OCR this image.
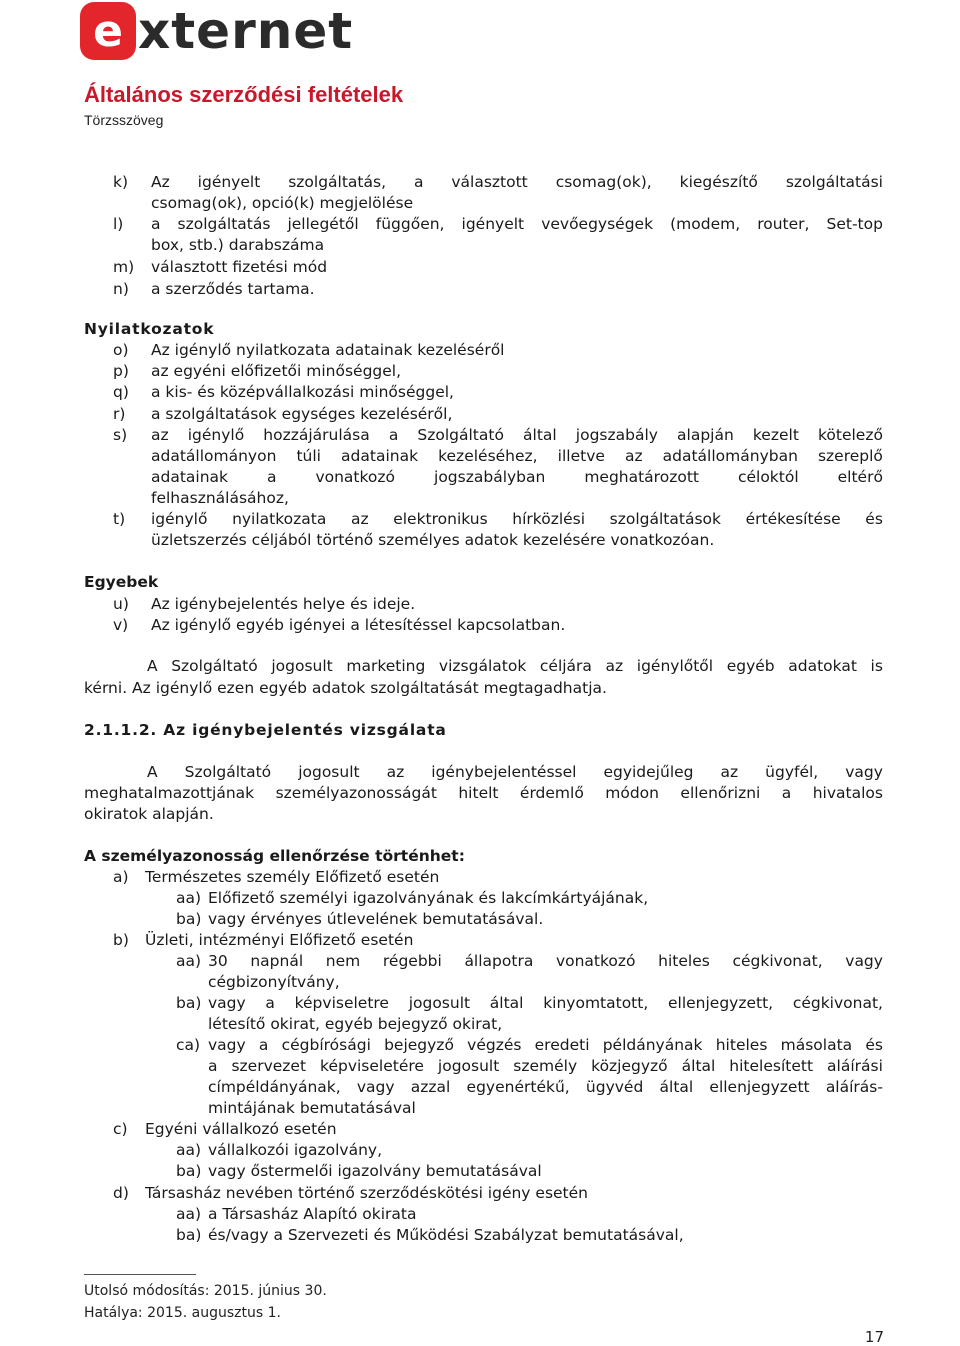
e xternet
Általános szerződési feltételek
Törzsszöveg
k) Az igényelt szolgáltatás, a választott csomag(ok), kiegészítő szolgáltatási
csomag(ok), opció(k) megjelölése
l) a szolgáltatás jellegétől függően, igényelt vevőegységek (modem, router, Set-top
box, stb.) darabszáma
m) választott fizetési mód
n) a szerződés tartama.
Nyilatkozatok
o) Az igénylő nyilatkozata adatainak kezeléséről
p) az egyéni előfizetői minőséggel,
q) a kis- és középvállalkozási minőséggel,
r) a szolgáltatások egységes kezeléséről,
s) az igénylő hozzájárulása a Szolgáltató által jogszabály alapján kezelt kötelező
adatállományon túli adatainak kezeléséhez, illetve az adatállományban szereplő
adatainak	a	vonatkozó	jogszabályban	meghatározott	céloktól	eltérő
felhasználásához,
t) igénylő nyilatkozata az elektronikus hírközlési szolgáltatások értékesítése és
üzletszerzés céljából történő személyes adatok kezelésére vonatkozóan.
Egyebek
u) Az igénybejelentés helye és ideje.
v) Az igénylő egyéb igényei a létesítéssel kapcsolatban.
A Szolgáltató jogosult marketing vizsgálatok céljára az igénylőtől egyéb adatokat is
kérni. Az igénylő ezen egyéb adatok szolgáltatását megtagadhatja.
2.1.1.2. Az igénybejelentés vizsgálata
A Szolgáltató jogosult az igénybejelentéssel egyidejűleg az ügyfél, vagy
meghatalmazottjának személyazonosságát hitelt érdemlő módon ellenőrizni a hivatalos
okiratok alapján.
A személyazonosság ellenőrzése történhet:
a) Természetes személy Előfizető esetén
aa) Előfizető személyi igazolványának és lakcímkártyájának,
ba) vagy érvényes útlevelének bemutatásával.
b) Üzleti, intézményi Előfizető esetén
aa) 30 napnál nem régebbi állapotra vonatkozó hiteles cégkivonat, vagy
cégbizonyítvány,
ba) vagy a képviseletre jogosult által kinyomtatott, ellenjegyzett, cégkivonat,
létesítő okirat, egyéb bejegyző okirat,
ca) vagy a cégbírósági bejegyző végzés eredeti példányának hiteles másolata és
a szervezet képviseletére jogosult személy közjegyző által hitelesített aláírási
címpéldányának, vagy azzal egyenértékű, ügyvéd által ellenjegyzett aláírás-
mintájának bemutatásával
c) Egyéni vállalkozó esetén
aa) vállalkozói igazolvány,
ba) vagy őstermelői igazolvány bemutatásával
d) Társasház nevében történő szerződéskötési igény esetén
aa) a Társasház Alapító okirata
ba) és/vagy a Szervezeti és Működési Szabályzat bemutatásával,
Utolsó módosítás: 2015. június 30.
Hatálya: 2015. augusztus 1.
17
